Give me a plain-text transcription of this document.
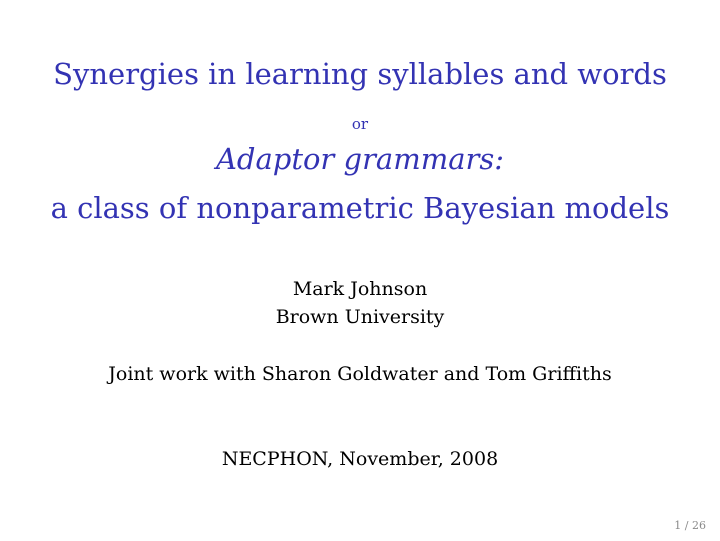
Synergies in learning syllables and words
or
Adaptor grammars:
a class of nonparametric Bayesian models
Mark Johnson
Brown University
Joint work with Sharon Goldwater and Tom Griffiths
NECPHON, November, 2008
1 / 26
